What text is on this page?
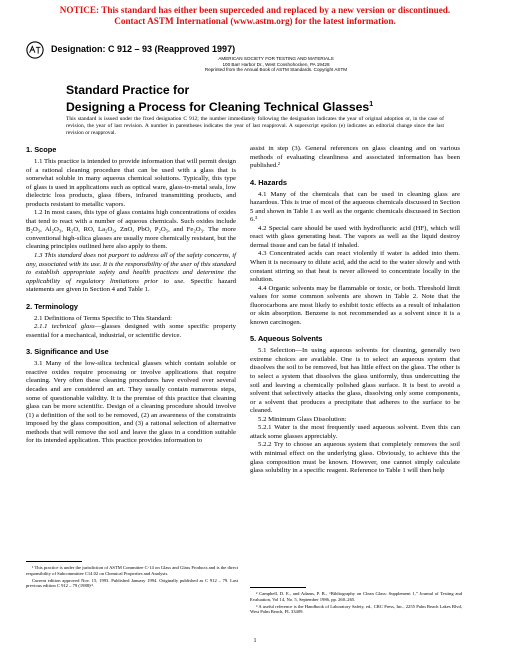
NOTICE: This standard has either been superceded and replaced by a new version or discontinued.
Contact ASTM International (www.astm.org) for the latest information.
Designation: C 912 – 93 (Reapproved 1997)
AMERICAN SOCIETY FOR TESTING AND MATERIALS
100 Barr Harbor Dr., West Conshohocken, PA 19428
Reprinted from the Annual Book of ASTM Standards. Copyright ASTM
Standard Practice for
Designing a Process for Cleaning Technical Glasses$^1$
This standard is issued under the fixed designation C 912; the number immediately following the designation indicates the year of original adoption or, in the case of revision, the year of last revision. A number in parentheses indicates the year of last reapproval. A superscript epsilon (e) indicates an editorial change since the last revision or reapproval.
1. Scope

1.1 This practice is intended to provide information that will permit design of a rational cleaning procedure that can be used with a glass that is somewhat soluble in many aqueous chemical solutions. Typically, this type of glass is used in applications such as optical ware, glass-to-metal seals, low dielectric loss products, glass fibers, infrared transmitting products, and products resistant to metallic vapors.

1.2 In most cases, this type of glass contains high concentrations of oxides that tend to react with a number of aqueous chemicals. Such oxides include B₂O₃, Al₂O₃, R₂O, RO, La₂O₃, ZnO, PbO, P₂O₅, and Fe₂O₃. The more conventional high-silica glasses are usually more chemically resistant, but the cleaning principles outlined here also apply to them.

1.3 This standard does not purport to address all of the safety concerns, if any, associated with its use. It is the responsibility of the user of this standard to establish appropriate safety and health practices and determine the applicability of regulatory limitations prior to use. Specific hazard statements are given in Section 4 and Table 1.

2. Terminology

2.1 Definitions of Terms Specific to This Standard:

2.1.1 technical glass—glasses designed with some specific property essential for a mechanical, industrial, or scientific device.

3. Significance and Use

3.1 Many of the low-silica technical glasses which contain soluble or reactive oxides require processing or involve applications that require cleaning. Very often these cleaning procedures have evolved over several decades and are considered an art. They usually contain numerous steps, some of questionable validity. It is the premise of this practice that cleaning glass can be more scientific. Design of a cleaning procedure should involve (1) a definition of the soil to be removed, (2) an awareness of the constraints imposed by the glass composition, and (3) a rational selection of alternative methods that will remove the soil and leave the glass in a condition suitable for its intended application. This practice provides information to

assist in step (3). General references on glass cleaning and on various methods of evaluating cleanliness and associated information has been published.²

4. Hazards

4.1 Many of the chemicals that can be used in cleaning glass are hazardous. This is true of most of the aqueous chemicals discussed in Section 5 and shown in Table 1 as well as the organic chemicals discussed in Section 6.³

4.2 Special care should be used with hydrofluoric acid (HF), which will react with glass generating heat. The vapors as well as the liquid destroy dermal tissue and can be fatal if inhaled.

4.3 Concentrated acids can react violently if water is added into them. When it is necessary to dilute acid, add the acid to the water slowly and with constant stirring so that heat is never allowed to concentrate locally in the solution.

4.4 Organic solvents may be flammable or toxic, or both. Threshold limit values for some common solvents are shown in Table 2. Note that the fluorocarbons are most likely to exhibit toxic effects as a result of inhalation or skin absorption. Benzene is not recommended as a solvent since it is a known carcinogen.

5. Aqueous Solvents

5.1 Selection—In using aqueous solvents for cleaning, generally two extreme choices are available. One is to select an aqueous system that dissolves the soil to be removed, but has little effect on the glass. The other is to select a system that dissolves the glass uniformly, thus undercutting the soil and leaving a chemically polished glass surface. It is best to avoid a solvent that selectively attacks the glass, dissolving only some components, or a solvent that produces a precipitate that adheres to the surface to be cleaned.

5.2 Minimum Glass Dissolution:

5.2.1 Water is the most frequently used aqueous solvent. Even this can attack some glasses appreciably.

5.2.2 Try to choose an aqueous system that completely removes the soil with minimal effect on the underlying glass. Obviously, to achieve this the glass composition must be known. However, one cannot simply calculate glass solubility in a specific reagent. Reference to Table 1 will then help

¹ This practice is under the jurisdiction of ASTM Committee C-14 on Glass and Glass Products and is the direct responsibility of Subcommittee C14.02 on Chemical Properties and Analysis.

Current edition approved Nov. 15, 1993. Published January 1994. Originally published as C 912 – 79. Last previous edition C 912 – 79 (1988)ᵉ¹.

² Campbell, D. E., and Adams, P. B., “Bibliography on Clean Glass: Supplement 1,” Journal of Testing and Evaluation, Vol 14, No. 5, September 1986, pp. 260–265.

³ A useful reference is the Handbook of Laboratory Safety, ed., CRC Press, Inc., 2255 Palm Beach Lakes Blvd, West Palm Beach, FL 33409.

1
